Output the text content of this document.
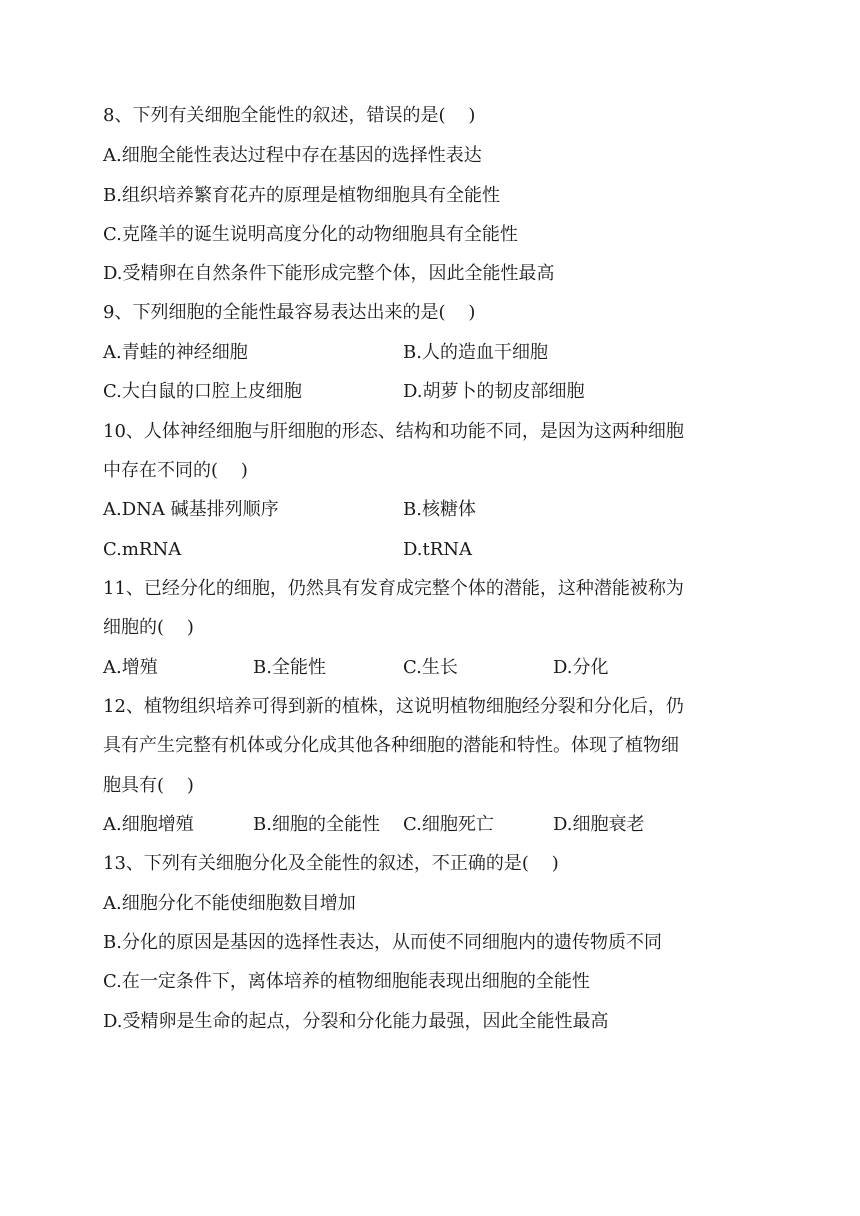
8、下列有关细胞全能性的叙述，错误的是(    )
A.细胞全能性表达过程中存在基因的选择性表达
B.组织培养繁育花卉的原理是植物细胞具有全能性
C.克隆羊的诞生说明高度分化的动物细胞具有全能性
D.受精卵在自然条件下能形成完整个体，因此全能性最高
9、下列细胞的全能性最容易表达出来的是(    )
A.青蛙的神经细胞	B.人的造血干细胞
C.大白鼠的口腔上皮细胞	D.胡萝卜的韧皮部细胞
10、人体神经细胞与肝细胞的形态、结构和功能不同，是因为这两种细胞
中存在不同的(    )
A.DNA 碱基排列顺序	B.核糖体
C.mRNA	D.tRNA
11、已经分化的细胞，仍然具有发育成完整个体的潜能，这种潜能被称为
细胞的(    )
A.增殖	B.全能性	C.生长	D.分化
12、植物组织培养可得到新的植株，这说明植物细胞经分裂和分化后，仍
具有产生完整有机体或分化成其他各种细胞的潜能和特性。体现了植物细
胞具有(    )
A.细胞增殖	B.细胞的全能性 C.细胞死亡	D.细胞衰老
13、下列有关细胞分化及全能性的叙述，不正确的是(    )
A.细胞分化不能使细胞数目增加
B.分化的原因是基因的选择性表达，从而使不同细胞内的遗传物质不同
C.在一定条件下，离体培养的植物细胞能表现出细胞的全能性
D.受精卵是生命的起点，分裂和分化能力最强，因此全能性最高
